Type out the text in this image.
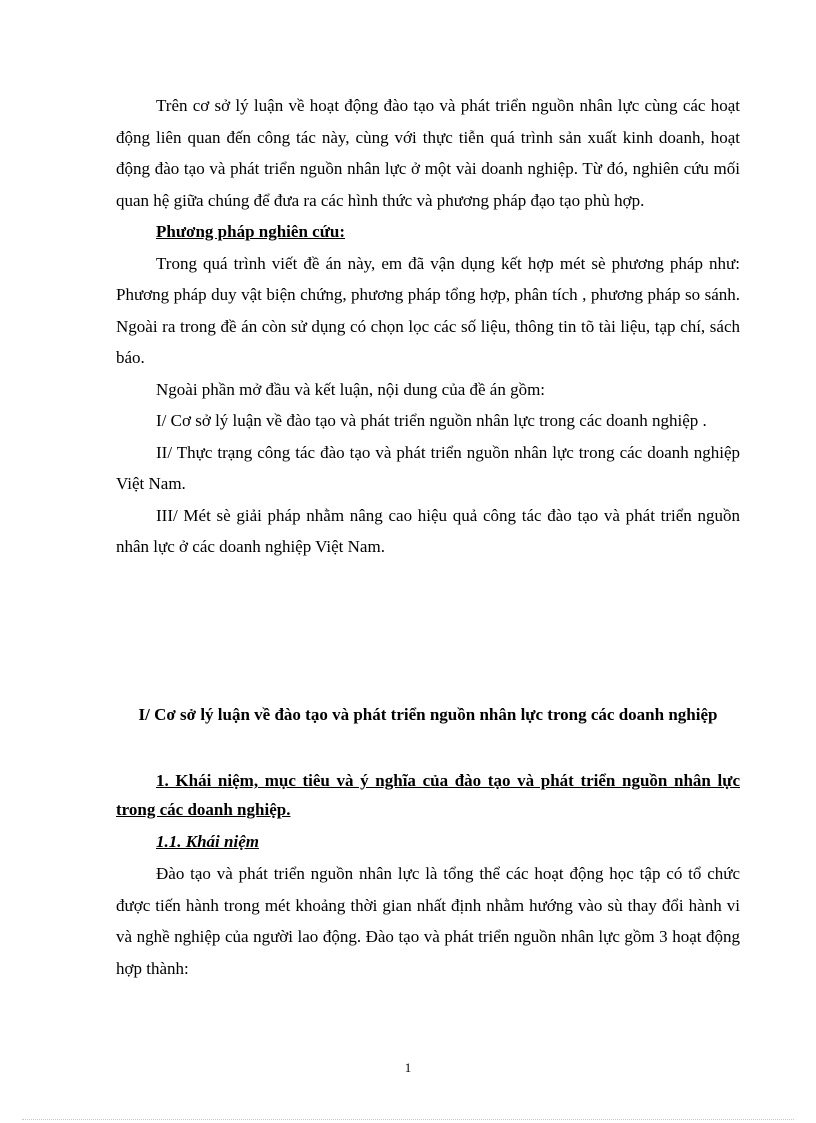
Trên cơ sở lý luận về hoạt động đào tạo và phát triển nguồn nhân lực cùng các hoạt động liên quan đến công tác này, cùng với thực tiễn quá trình sản xuất kinh doanh, hoạt động đào tạo và phát triển nguồn nhân lực ở một vài doanh nghiệp. Từ đó, nghiên cứu mối quan hệ giữa chúng để đưa ra các hình thức và phương pháp đạo tạo phù hợp.

Phương pháp nghiên cứu:

Trong quá trình viết đề án này, em đã vận dụng kết hợp mét sè phương pháp như: Phương pháp duy vật biện chứng, phương pháp tổng hợp, phân tích , phương pháp so sánh. Ngoài ra trong đề án còn sử dụng có chọn lọc các số liệu, thông tin tõ tài liệu, tạp chí, sách báo.

Ngoài phần mở đầu và kết luận, nội dung của đề án gồm:

I/ Cơ sở lý luận về đào tạo và phát triển nguồn nhân lực trong các doanh nghiệp .

II/ Thực trạng công tác đào tạo và phát triển nguồn nhân lực trong các doanh nghiệp Việt Nam.

III/ Mét sè giải pháp nhằm nâng cao hiệu quả công tác đào tạo và phát triển nguồn nhân lực ở các doanh nghiệp Việt Nam.

I/ Cơ sở lý luận về đào tạo và phát triển nguồn nhân lực trong các doanh nghiệp

1. Khái niệm, mục tiêu và ý nghĩa của đào tạo và phát triển nguồn nhân lực trong các doanh nghiệp.

1.1. Khái niệm

Đào tạo và phát triển nguồn nhân lực là tổng thể các hoạt động học tập có tổ chức được tiến hành trong mét khoảng thời gian nhất định nhằm hướng vào sù thay đổi hành vi và nghề nghiệp của người lao động. Đào tạo và phát triển nguồn nhân lực gồm 3 hoạt động hợp thành:

1
